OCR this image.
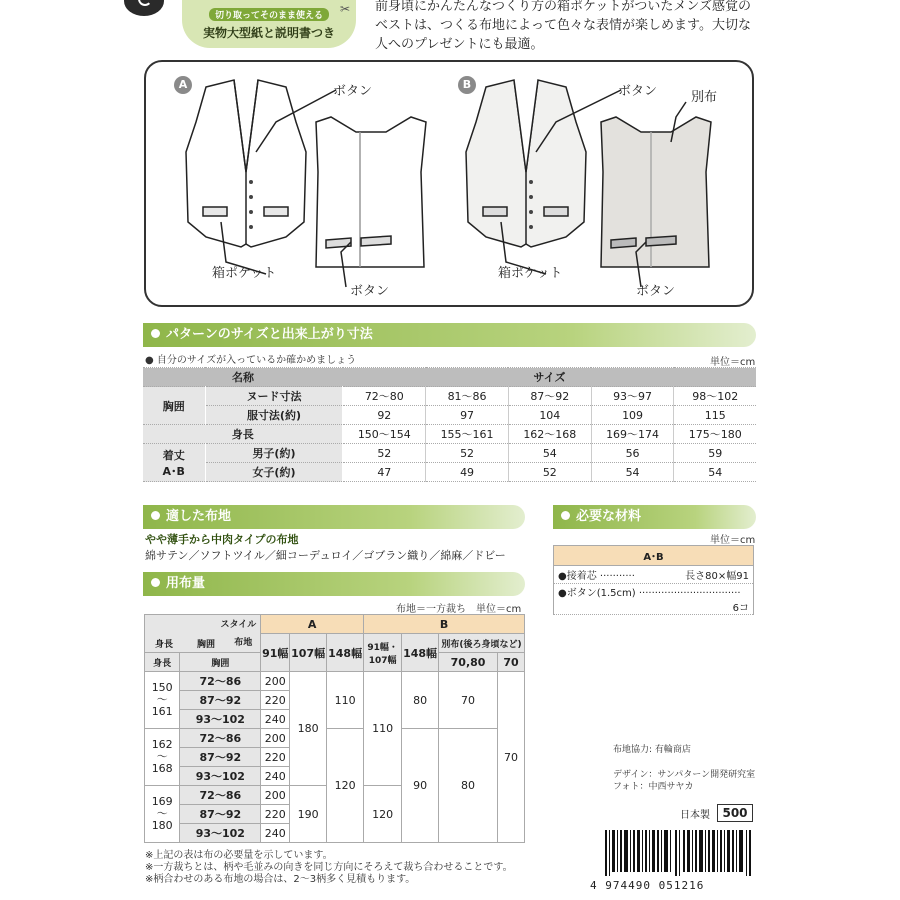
切り取ってそのまま使える
実物大型紙と説明書つき
✂ 前身頃にかんたんなつくり方の箱ポケットがついたメンズ感覚のベストは、つくる布地によって色々な表情が楽しめます。大切な人へのプレゼントにも最適。
A	B
ボタン
箱ポケット
ボタン
ボタン	別布
箱ポケット
ボタン
パターンのサイズと出来上がり寸法
● 自分のサイズが入っているか確かめましょう	単位＝cm
名称		サイズ				
胸囲	ヌード寸法	72〜80	81〜86	87〜92	93〜97	98〜102
	服寸法(約)	92	97	104	109	115
身長		150〜154	155〜161	162〜168	169〜174	175〜180
着丈
A･B	男子(約)	52	52	54	56	59
	女子(約)	47	49	52	54	54
適した布地
やや薄手から中肉タイプの布地
綿サテン／ソフトツイル／細コーデュロイ／ゴブラン織り／綿麻／ドビー
用布量
布地＝一方裁ち　単位＝cm
スタイル
布地
身長 胸囲		A			B			
		91幅	107幅	148幅	91幅・107幅	148幅	別布(後ろ身頃など)	
身長	胸囲						70,80	70
150
〜
161	72〜86	200	180	110	110	80	70	70
	87〜92	220						
	93〜102	240						
162
〜
168	72〜86	200		120		90	80	
	87〜92	220						
	93〜102	240						
169
〜
180	72〜86	200	190		120			
	87〜92	220						
	93〜102	240						
※上記の表は布の必要量を示しています。
※一方裁ちとは、柄や毛並みの向きを同じ方向にそろえて裁ち合わせることです。
※柄合わせのある布地の場合は、2〜3柄多く見積もります。
必要な材料
単位＝cm
A･B
●接着芯 ···········	長さ80×幅91

●ボタン(1.5cm) ································
6コ
布地協力: 有輪商店
デザイン：サンパターン開発研究室
フォト：中西サヤカ
日本製	500
4 974490 051216
